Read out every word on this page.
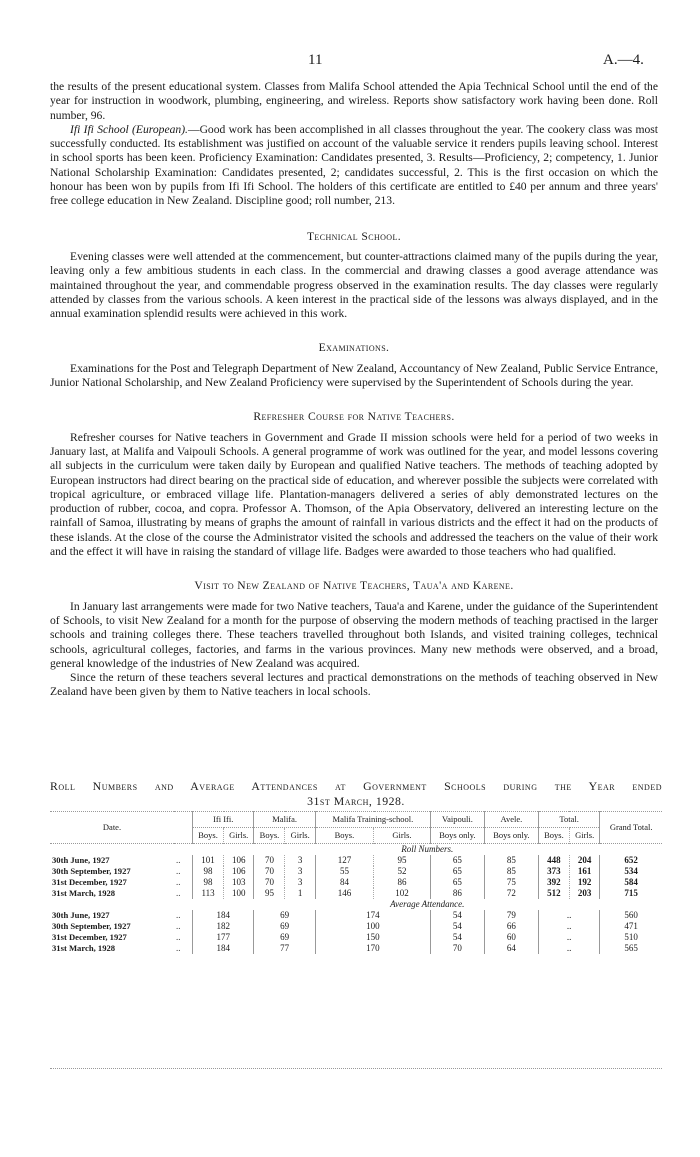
11	A.—4.

the results of the present educational system. Classes from Malifa School attended the Apia Technical School until the end of the year for instruction in woodwork, plumbing, engineering, and wireless. Reports show satisfactory work having been done. Roll number, 96.

Ifi Ifi School (European).—Good work has been accomplished in all classes throughout the year. The cookery class was most successfully conducted. Its establishment was justified on account of the valuable service it renders pupils leaving school. Interest in school sports has been keen. Proficiency Examination: Candidates presented, 3. Results—Proficiency, 2; competency, 1. Junior National Scholarship Examination: Candidates presented, 2; candidates successful, 2. This is the first occasion on which the honour has been won by pupils from Ifi Ifi School. The holders of this certificate are entitled to £40 per annum and three years' free college education in New Zealand. Discipline good; roll number, 213.

Technical School.

Evening classes were well attended at the commencement, but counter-attractions claimed many of the pupils during the year, leaving only a few ambitious students in each class. In the commercial and drawing classes a good average attendance was maintained throughout the year, and commendable progress observed in the examination results. The day classes were regularly attended by classes from the various schools. A keen interest in the practical side of the lessons was always displayed, and in the annual examination splendid results were achieved in this work.

Examinations.

Examinations for the Post and Telegraph Department of New Zealand, Accountancy of New Zealand, Public Service Entrance, Junior National Scholarship, and New Zealand Proficiency were supervised by the Superintendent of Schools during the year.

Refresher Course for Native Teachers.

Refresher courses for Native teachers in Government and Grade II mission schools were held for a period of two weeks in January last, at Malifa and Vaipouli Schools. A general programme of work was outlined for the year, and model lessons covering all subjects in the curriculum were taken daily by European and qualified Native teachers. The methods of teaching adopted by European instructors had direct bearing on the practical side of education, and wherever possible the subjects were correlated with tropical agriculture, or embraced village life. Plantation-managers delivered a series of ably demonstrated lectures on the production of rubber, cocoa, and copra. Professor A. Thomson, of the Apia Observatory, delivered an interesting lecture on the rainfall of Samoa, illustrating by means of graphs the amount of rainfall in various districts and the effect it had on the products of these islands. At the close of the course the Administrator visited the schools and addressed the teachers on the value of their work and the effect it will have in raising the standard of village life. Badges were awarded to those teachers who had qualified.

Visit to New Zealand of Native Teachers, Taua'a and Karene.

In January last arrangements were made for two Native teachers, Taua'a and Karene, under the guidance of the Superintendent of Schools, to visit New Zealand for a month for the purpose of observing the modern methods of teaching practised in the larger schools and training colleges there. These teachers travelled throughout both Islands, and visited training colleges, technical schools, agricultural colleges, factories, and farms in the various provinces. Many new methods were observed, and a broad, general knowledge of the industries of New Zealand was acquired.

Since the return of these teachers several lectures and practical demonstrations on the methods of teaching observed in New Zealand have been given by them to Native teachers in local schools.

Roll Numbers and Average Attendances at Government Schools during the Year ended
31st March, 1928.
Date.		Ifi Ifi.		Malifa.		Malifa Training-school.		Vaipouli.	Avele.	Total.		Grand Total.
		Boys.	Girls.	Boys.	Girls.	Boys.	Girls.	Boys only.	Boys only.	Boys.	Girls.	
		Roll Numbers.										
30th June, 1927	..	101	106	70	3	127	95	65	85	448	204	652
30th September, 1927	..	98	106	70	3	55	52	65	85	373	161	534
31st December, 1927	..	98	103	70	3	84	86	65	75	392	192	584
31st March, 1928	..	113	100	95	1	146	102	86	72	512	203	715
		Average Attendance.										
30th June, 1927	..	184		69		174		54	79	..		560
30th September, 1927	..	182		69		100		54	66	..		471
31st December, 1927	..	177		69		150		54	60	..		510
31st March, 1928	..	184		77		170		70	64	..		565
